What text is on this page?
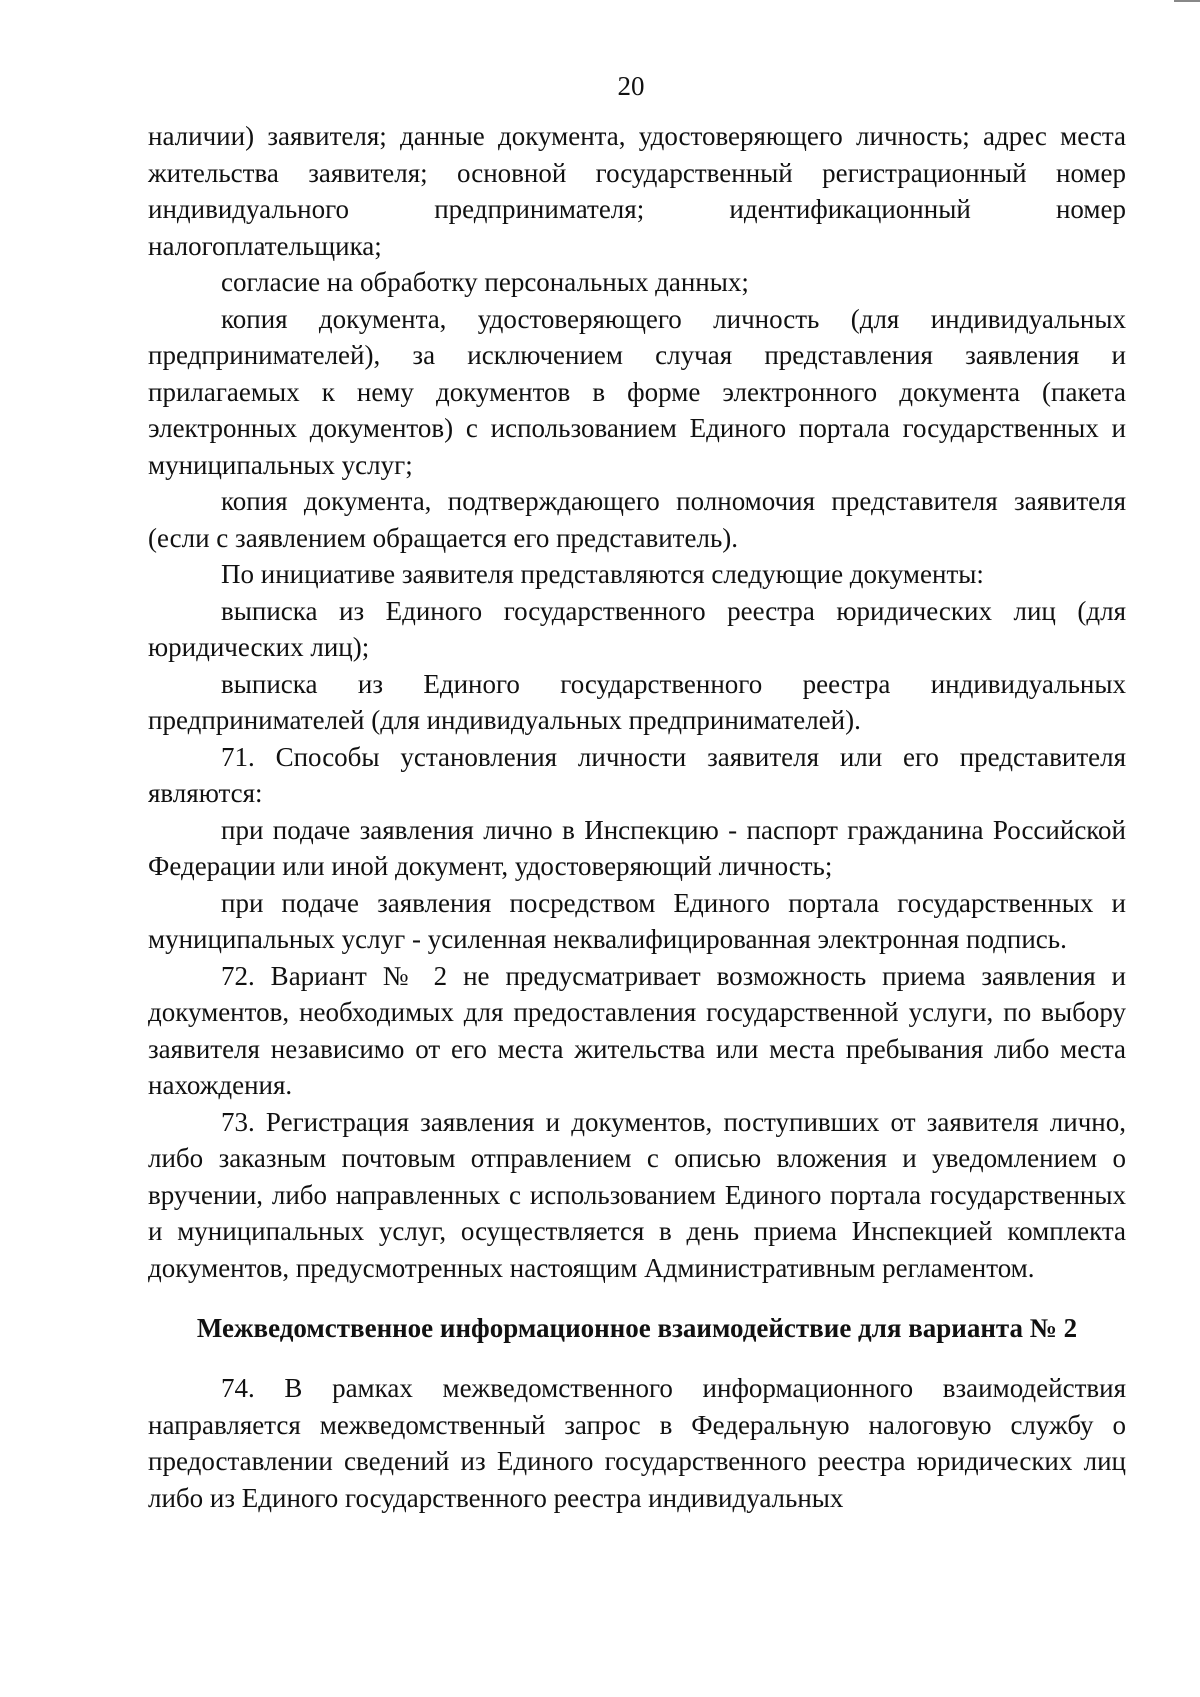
20

наличии) заявителя; данные документа, удостоверяющего личность; адрес места жительства заявителя; основной государственный регистрационный номер индивидуального предпринимателя; идентификационный номер налогоплательщика;

согласие на обработку персональных данных;

копия документа, удостоверяющего личность (для индивидуальных предпринимателей), за исключением случая представления заявления и прилагаемых к нему документов в форме электронного документа (пакета электронных документов) с использованием Единого портала государственных и муниципальных услуг;

копия документа, подтверждающего полномочия представителя заявителя (если с заявлением обращается его представитель).

По инициативе заявителя представляются следующие документы:

выписка из Единого государственного реестра юридических лиц (для юридических лиц);

выписка из Единого государственного реестра индивидуальных предпринимателей (для индивидуальных предпринимателей).

71. Способы установления личности заявителя или его представителя являются:

при подаче заявления лично в Инспекцию - паспорт гражданина Российской Федерации или иной документ, удостоверяющий личность;

при подаче заявления посредством Единого портала государственных и муниципальных услуг - усиленная неквалифицированная электронная подпись.

72. Вариант № 2 не предусматривает возможность приема заявления и документов, необходимых для предоставления государственной услуги, по выбору заявителя независимо от его места жительства или места пребывания либо места нахождения.

73. Регистрация заявления и документов, поступивших от заявителя лично, либо заказным почтовым отправлением с описью вложения и уведомлением о вручении, либо направленных с использованием Единого портала государственных и муниципальных услуг, осуществляется в день приема Инспекцией комплекта документов, предусмотренных настоящим Административным регламентом.

Межведомственное информационное взаимодействие для варианта № 2

74. В рамках межведомственного информационного взаимодействия направляется межведомственный запрос в Федеральную налоговую службу о предоставлении сведений из Единого государственного реестра юридических лиц либо из Единого государственного реестра индивидуальных
